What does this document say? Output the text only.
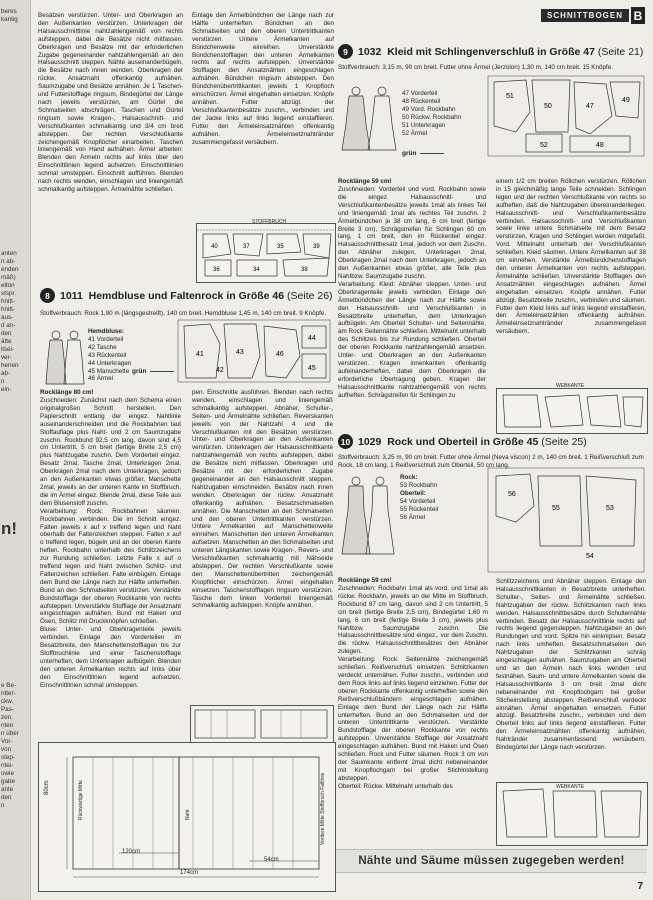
beres
kantig
anten
n ab-
enden
mäß)
elton
stspr.
hnitt-
hnitt-
aus-
d an-
den
ätte
ilsei-
ver-
henen
ab-
n
ein-
n!
e Be-
ntter-
ckw.
Pas-
zen.
nten
n über
Vor-
von
step-
ntei-
owie
gabe
ante
den
n
SCHNITTBOGEN B
Besätzen verstürzen. Unter- und Oberkragen an den Außenkanten verstürzen. Unterkragen der Halsausschnittlinie nahtzahlengemäß von rechts aufsteppen, dabei die Besätze nicht mitfassen. Oberkragen und Besätze mit der erforderlichen Zugabe gegeneinander nahtzahlengemäß an den Halsausschnitt steppen. Nähte auseinanderbügeln, die Besätze nach innen wenden. Oberkragen der rückw. Ansatznaht offenkantig aufnähen. Saumzugabe und Besätze annähen. Je 1 Taschen- und Futterstofflage ringsum, Bindegürtel der Länge nach jeweils verstürzen, am Gürtel die Schmalseiten abschrägen. Taschen und Gürtel ringsum sowie Kragen-, Halsausschnitt- und Verschlußkanten schmalkantig und 3/4 cm breit absteppen. Der rechten Verschlußkante zeichengemäß Knopflöcher einarbeiten. Taschen liniengemäß von Hand aufnähen. Ärmel arbeiten: Blenden den Ärmeln rechts auf links über den Einschnittlinien legend aufsetzen. Einschnittlinien schmal umsteppen. Einschnitt aufführen. Blenden nach rechts wenden, einschlagen und liniengemäß schmalkantig aufsteppen. Ärmelnähte schließen.
Einlage den Ärmelbündchen der Länge nach zur Hälfte unterheften. Bündchen an den Schmalseiten und den oberen Untertrittkanten verstürzen. Untere Ärmelkanten auf Bündchenweite einreihen. Unverstärkte Bündchenstofflagen den unteren Ärmelkanten rechts auf rechts aufsteppen. Unverstärkte Stofflagen den Ansatznähten eingeschlagen aufnähen. Bündchen ringsum absteppen. Den Bündchenübertrittkanten jeweils 1 Knopfloch einschürzen. Ärmel eingehalten einsetzen. Knöpfe annähen. Futter abzügl. der Verschlußkantenbesätze zuschn., verbinden und der Jacke links auf links liegend einstaffieren. Futter den Ärmeleinsatznähten offenkantig aufnähen. Ärmeleinsetznahtränder zusammengefasst versäubern.
40	37	35	39
36	34	38
STOFFBRUCH
8 1011
Hemdbluse und Faltenrock in Größe 46
(Seite 26)
Stoffverbrauch: Rock 1,90 m (längsgestreift), 140 cm breit. Hemdbluse 1,45 m, 140 cm breit. 9 Knöpfe.
Hemdbluse:
41 Vorderteil
42 Tasche
43 Rückenteil
44 Unterkragen
45 Manschette
46 Ärmel
grün
41	43	46
44
45
42
Rocklänge 80 cm!
Zuschneiden: Zunächst nach dem Schema einen originalgroßen Schnitt herstellen. Den Papierschnitt entlang der eingez. Nahtlinie auseinanderschneiden und die Rockbahnen laut Stoffauflage plus Naht- und 2 cm Saumzugabe zuschn. Rockbund 92,5 cm lang, davon sind 4,5 cm Untertritt, 5 cm breit (fertige Breite 2,5 cm) plus Nahtzugabe zuschn. Dem Vorderteil eingez. Besatz 2mal, Tasche 2mal, Unterkragen 2mal, Oberkragen 2mal nach dem Unterkragen, jedoch an den Außenkanten etwas größer, Manschette 2mal, jeweils an der unteren Kante im Stoffbruch, die im Ärmel eingez. Blende 2mal, diese Teile aus dem Blusenstoff zuschn.
Verarbeitung: Rock: Rockbahnen säumen. Rockbahnen verbinden. Die im Schnitt eingez. Falten jeweils x auf x treffend legen und Naht oberhalb der Faltenzeichen steppen. Falten x auf o treffend legen, bügeln und an der oberen Kante heften. Rockbahn unterhalb des Schlitzzeichens zur Rundung schließen. Letzte Falte x auf o treffend legen und Naht zwischen Schlitz- und Faltenzeichen schließen. Falte einbügeln. Einlage dem Bund der Länge nach zur Hälfte unterheften. Bund an den Schmalseiten verstürzen. Verstärkte Bundstofflage der oberen Rockkante von rechts aufsteppen. Unverstärkte Stofflage der Ansatznaht eingeschlagen aufnähen. Bund mit Haken und Ösen, Schlitz mit Druckknöpfen schließen.
Bluse: Unter- und Oberkragenteile jeweils verbinden. Einlage den Vorderteilen im Besatzbreite, den Manschettenstofflagen bis zur Stoffbruchlinie und einer Taschenstofflage unterheften, dem Unterkragen aufbügeln. Blenden den unteren Ärmelkanten rechts auf links über den Einschnittlinien legend aufsetzen. Einschnittlinien schmal umsteppen.
pen. Einschnitte ausführen. Blenden nach rechts wenden, einschlagen und liniengemäß schmalkantig aufsteppen. Abnäher, Schulter-, Seiten- und Ärmelnähte schließen. Reverskanten jeweils von der Nahtzahl 4 und die Verschlußkanten mit den Besätzen verstürzen. Unter- und Oberkragen an den Außenkanten verstürzen. Unterkragen der Halsausschnittkante nahtzahlengemäß von rechts aufsteppen, dabei die Besätze nicht mitfassen. Oberkragen und Besätze mit der erforderlichen Zugabe gegeneinander an den Halsausschnitt steppen. Nahtzugaben einschneiden. Besätze nach innen wenden. Oberkragen der rückw. Ansatznaht offenkantig aufnähen. Besatzschmalseiten annähen. Die Manschetten an den Schmalseiten und den oberen Untertrittkanten verstürzen. Untere Ärmelkanten auf Manschettenweite einreihen. Manschetten den unteren Ärmelkanten aufsetzen. Manschetten an den Schmalseiten und unteren Längskanten sowie Kragen-, Revers- und Verschlußkanten schmalkantig mit Nähseide absteppen. Der rechten Verschlußkante sowie den Manschettenübertritten zeichengemäß Knopflöcher einschürzen. Ärmel eingehalten einsetzen. Taschenstofflagen ringsum verstürzen. Tasche dem linken Vorderteil liniengemäß schmalkantig aufsteppen. Knöpfe annähen.
80cm
174cm
120cm
54cm
Rückwärtige Mitte	Naht	Vordere Mitte Stoffbruch Faltlinie
9 1032
Kleid mit Schlingenverschluß in Größe 47
(Seite 21)
Stoffverbrauch: 3,15 m, 90 cm breit. Futter ohne Ärmel (Jerzolon) 1,30 m, 140 cm breit. 15 Knöpfe.
47 Vorderteil
48 Rückenteil
49 Vord. Rockbahn
50 Rückw. Rockbahn
51 Unterkragen
52 Ärmel
grün
51
50	47
49
52	48
Rocklänge 59 cm!
Zuschneiden: Vorderteil und vord. Rockbahn sowie die eingez. Halsausschnitt- und Verschlußkantenbesätze jeweils 1mal als linkes Teil und liniengemäß 1mal als rechtes Teil zuschn. 2 Ärmelbündchen je 38 cm lang, 6 cm breit (fertige Breite 3 cm), Schrägstreifen für Schlingen 60 cm lang, 1 cm breit, den im Rückenteil eingez. Halsausschnittbesatz 1mal, jedoch vor dem Zuschn. den Abnäher zulegen, Unterkragen 2mal, Oberkragen 2mal nach dem Unterkragen, jedoch an den Außenkanten etwas größer, alle Teile plus Nahtbzw. Saumzugabe zuschn.
Verarbeitung: Kleid: Abnäher steppen. Unter- und Oberkragenteile jeweils verbinden. Einlage den Ärmelbündchen der Länge nach zur Hälfte sowie den Halsausschnitt- und Verschlußkanten in Besatzbreite unterheften, dem Unterkragen aufbügeln. Am Oberteil Schulter- und Seitennähte, am Rock Seitennähte schließen. Mittelnaht unterhalb des Schlitzes bis zur Rundung schließen. Oberteil der oberen Rockkante nahtzahlengemäß ansetzen. Unter- und Oberkragen an den Außenkanten verstürzen. Kragen innenkanten offenkantig aufeinanderheften, dabei dem Oberkragen die erforderliche Übertragung geben. Kragen der Halsausschnittkante nahtzahlengemäß von rechts aufheften. Schrägstreifen für Schlingen zu
einem 1/2 cm breiten Röllchen verstürzen. Röllchen in 15 gleichmäßig lange Teile schneiden. Schlingen legen und der rechten Verschlußkante von rechts so aufheften, daß die Nahtzugaben übereinanderliegen. Halsausschnitt- und Verschlußkantenbesätze verbinden. Halsausschnitt- und Verschlußkanten sowie linke untere Schmalseite mit dem Besatz verstürzen, Kragen und Schlingen werden mitgefaßt. Vord. Mittelnaht unterhalb der Verschlußkanten schließen. Kleid säumen. Untere Ärmelkanten auf 38 cm einreihen. Verstärkte Ärmelbündchenstofflagen den unteren Ärmelkanten von rechts aufsteppen. Ärmelnähte schließen. Unverstärkte Stofflagen den Ansatznähten eingeschlagen aufnähen. Ärmel eingehalten einsetzen. Knöpfe annähen. Futter abzügl. Besatzbreite zuschn., verbinden und säumen. Futter dem Kleid links auf links liegend einstaffieren, den Ärmeleinsetzähten offenkantig aufnähen. Ärmeleinsetznahtränder zusammengefasst versäubern.
WEBKANTE
10 1029
Rock und Oberteil in Größe 45
(Seite 25)
Stoffverbrauch: 3,25 m, 90 cm breit. Futter ohne Ärmel (Neva viscon) 2 m, 140 cm breit. 1 Reißverschluß zum Rock, 18 cm lang, 1 Reißverschluß zum Oberteil, 50 cm lang.
Rock:
53 Rockbahn
Oberteil:
54 Vorderteil
55 Rückenteil
56 Ärmel
56
55	53
54
Rocklänge 59 cm!
Zuschneiden: Rockbahn 1mal als vord. und 1mal als rückw. Rockbahn, jeweils an der Mitte im Stoffbruch, Rockbund 87 cm lang, davon sind 2 cm Untertritt, 5 cm breit (fertige Breite 2,5 cm), Bindegürtel 1,60 m lang, 6 cm breit (fertige Breite 3 cm), jeweils plus Nahtbzw. Saumzugabe zuschn. Die Halsausschnittbesätze sind eingez., vor dem Zuschn. die rückw. Halsausschnittbesätzes den Abnäher zulegen.
Verarbeitung: Rock: Seitennähte zeichengemäß schließen. Reißverschluß einsetzen. Schlitzkanten verdeckt unternähen. Futter zuschn., verbinden und dem Rock links auf links liegend einziehen. Futter der oberen Rockkante offenkantig unterheften sowie den Reißverschlußbändern eingeschlagen aufnähen. Einlage dem Bund der Länge nach zur Hälfte unterheften. Bund an den Schmalseiten und der unteren Untertrittkante verstürzen. Verstärkte Bundstofflage der oberen Rockkante von rechts aufsteppen. Unverstärkte Stofflage der Ansatznaht eingeschlagen aufnähen. Bund mit Haken und Ösen schließen. Rock und Futter säumen. Rock 3 cm von der Saumkante entfernt 2mal dicht nebeneinander mit Knopflochgarn bei großer Stichinstellung absteppen.
Oberteil: Rückw. Mittelnaht unterhalb des
Schlitzzeichens und Abnäher steppen. Einlage den Halsausschnittkanten in Besatzbreite unterheften. Schulter-, Seiten- und Ärmelnähte schließen. Nahtzugaben der rückw. Schlitzkanten nach links wenden. Halsausschnittbesätze durch Schulternähte verbinden. Besatz der Halsausschnittlinie rechts auf rechts liegend gegensteppen. Nahtzugaben an den Rundungen und vord. Spitze hin einknipsen. Besatz nach links umheften. Besatzschmalseiten den Nahtzugaben der Schlitzkanten schräg eingeschlagen aufnähen. Saumzugaben am Oberteil und an den Ärmeln nach links wenden und festnähen. Saum- und untere Ärmelkanten sowie die Halsausschnittkante 3 cm breit 2mal dicht nebeneinander mit Knopflochgarn bei großer Sticheinstellung absteppen. Reißverschluß verdeckt einnähen. Ärmel eingehalten einsetzen. Futter abzügl. Besatzbreite zuschn., verbinden und dem Oberteil links auf links liegend einstaffieren. Futter den Ärmeleinsatznähten offenkantig aufnähen, Nahtränder zusammenfassend versäubern. Bindegürtel der Länge nach verstürzen.
WEBKANTE
Nähte und Säume müssen zugegeben werden!
7
